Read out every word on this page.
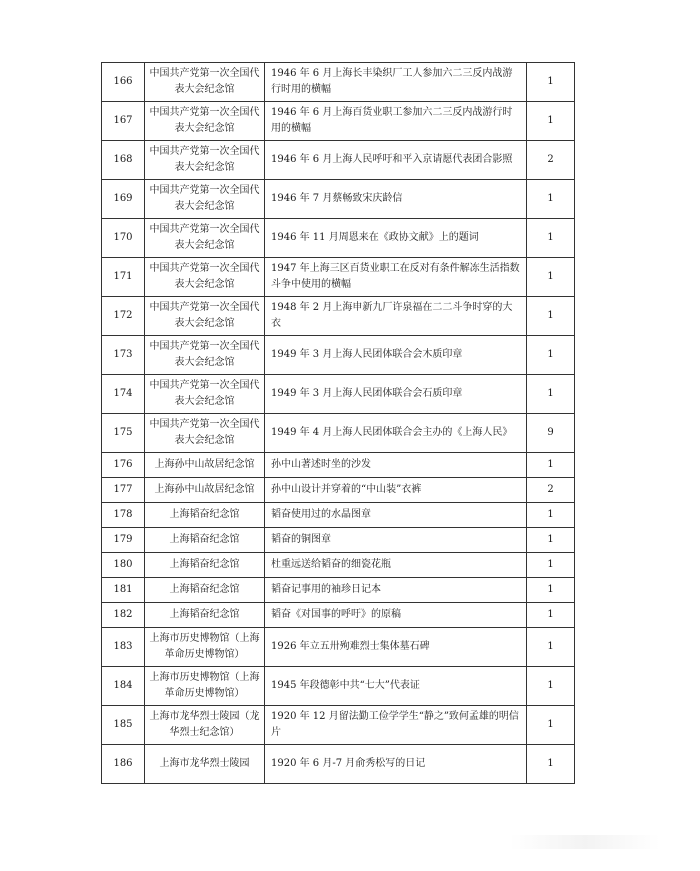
166	中国共产党第一次全国代表大会纪念馆	1946 年 6 月上海长丰染织厂工人参加六二三反内战游行时用的横幅	1
167	中国共产党第一次全国代表大会纪念馆	1946 年 6 月上海百货业职工参加六二三反内战游行时用的横幅	1
168	中国共产党第一次全国代表大会纪念馆	1946 年 6 月上海人民呼吁和平入京请愿代表团合影照	2
169	中国共产党第一次全国代表大会纪念馆	1946 年 7 月蔡畅致宋庆龄信	1
170	中国共产党第一次全国代表大会纪念馆	1946 年 11 月周恩来在《政协文献》上的题词	1
171	中国共产党第一次全国代表大会纪念馆	1947 年上海三区百货业职工在反对有条件解冻生活指数斗争中使用的横幅	1
172	中国共产党第一次全国代表大会纪念馆	1948 年 2 月上海申新九厂许泉福在二二斗争时穿的大衣	1
173	中国共产党第一次全国代表大会纪念馆	1949 年 3 月上海人民团体联合会木质印章	1
174	中国共产党第一次全国代表大会纪念馆	1949 年 3 月上海人民团体联合会石质印章	1
175	中国共产党第一次全国代表大会纪念馆	1949 年 4 月上海人民团体联合会主办的《上海人民》	9
176	上海孙中山故居纪念馆	孙中山著述时坐的沙发	1
177	上海孙中山故居纪念馆	孙中山设计并穿着的“中山装”衣裤	2
178	上海韬奋纪念馆	韬奋使用过的水晶图章	1
179	上海韬奋纪念馆	韬奋的铜图章	1
180	上海韬奋纪念馆	杜重远送给韬奋的细瓷花瓶	1
181	上海韬奋纪念馆	韬奋记事用的袖珍日记本	1
182	上海韬奋纪念馆	韬奋《对国事的呼吁》的原稿	1
183	上海市历史博物馆（上海革命历史博物馆）	1926 年立五卅殉难烈士集体墓石碑	1
184	上海市历史博物馆（上海革命历史博物馆）	1945 年段德彰中共“七大”代表证	1
185	上海市龙华烈士陵园（龙华烈士纪念馆）	1920 年 12 月留法勤工俭学学生“静之”致何孟雄的明信片	1
186	上海市龙华烈士陵园	1920 年 6 月-7 月俞秀松写的日记	1
